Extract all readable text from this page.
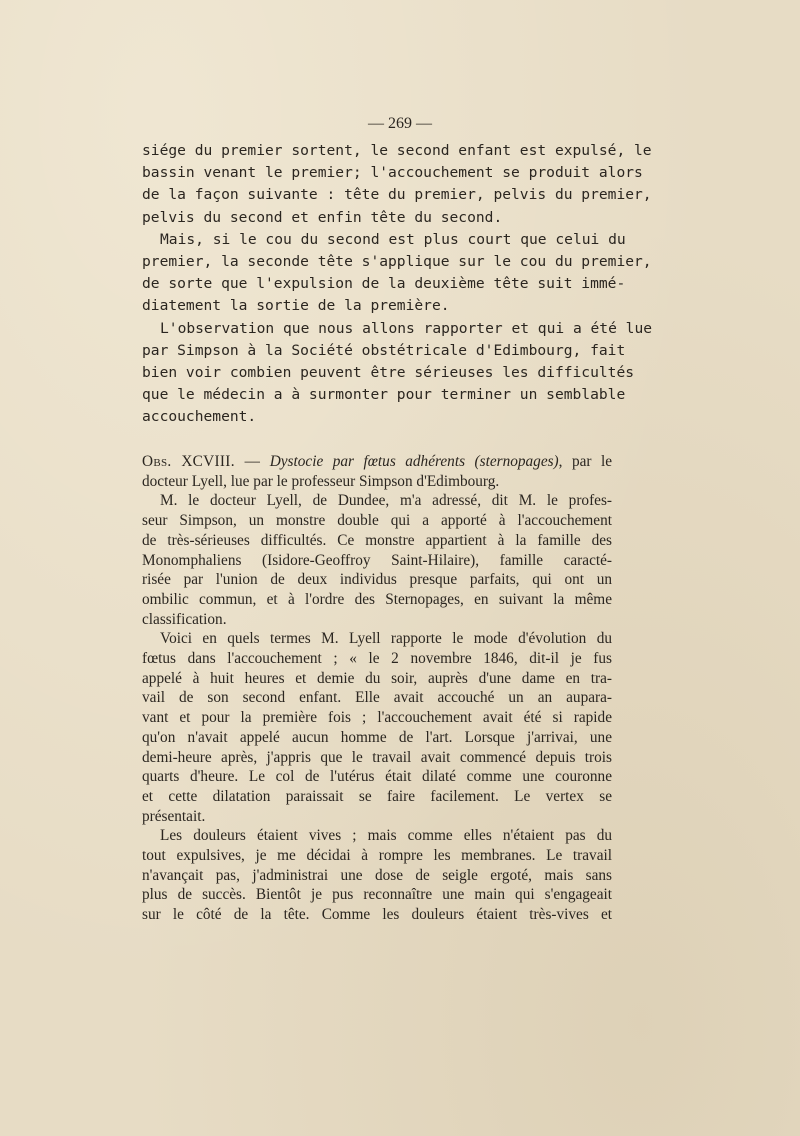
— 269 —
siége du premier sortent, le second enfant est expulsé, le
bassin venant le premier; l'accouchement se produit alors
de la façon suivante : tête du premier, pelvis du premier,
pelvis du second et enfin tête du second.
Mais, si le cou du second est plus court que celui du
premier, la seconde tête s'applique sur le cou du premier,
de sorte que l'expulsion de la deuxième tête suit immé-
diatement la sortie de la première.
L'observation que nous allons rapporter et qui a été lue
par Simpson à la Société obstétricale d'Edimbourg, fait
bien voir combien peuvent être sérieuses les difficultés
que le médecin a à surmonter pour terminer un semblable
accouchement.
Obs. XCVIII. — Dystocie par fœtus adhérents (sternopages), par le
docteur Lyell, lue par le professeur Simpson d'Edimbourg.
M. le docteur Lyell, de Dundee, m'a adressé, dit M. le profes-
seur Simpson, un monstre double qui a apporté à l'accouchement
de très-sérieuses difficultés. Ce monstre appartient à la famille des
Monomphaliens (Isidore-Geoffroy Saint-Hilaire), famille caracté-
risée par l'union de deux individus presque parfaits, qui ont un
ombilic commun, et à l'ordre des Sternopages, en suivant la même
classification.
Voici en quels termes M. Lyell rapporte le mode d'évolution du
fœtus dans l'accouchement ; « le 2 novembre 1846, dit-il je fus
appelé à huit heures et demie du soir, auprès d'une dame en tra-
vail de son second enfant. Elle avait accouché un an aupara-
vant et pour la première fois ; l'accouchement avait été si rapide
qu'on n'avait appelé aucun homme de l'art. Lorsque j'arrivai, une
demi-heure après, j'appris que le travail avait commencé depuis trois
quarts d'heure. Le col de l'utérus était dilaté comme une couronne
et cette dilatation paraissait se faire facilement. Le vertex se
présentait.
Les douleurs étaient vives ; mais comme elles n'étaient pas du
tout expulsives, je me décidai à rompre les membranes. Le travail
n'avançait pas, j'administrai une dose de seigle ergoté, mais sans
plus de succès. Bientôt je pus reconnaître une main qui s'engageait
sur le côté de la tête. Comme les douleurs étaient très-vives et
